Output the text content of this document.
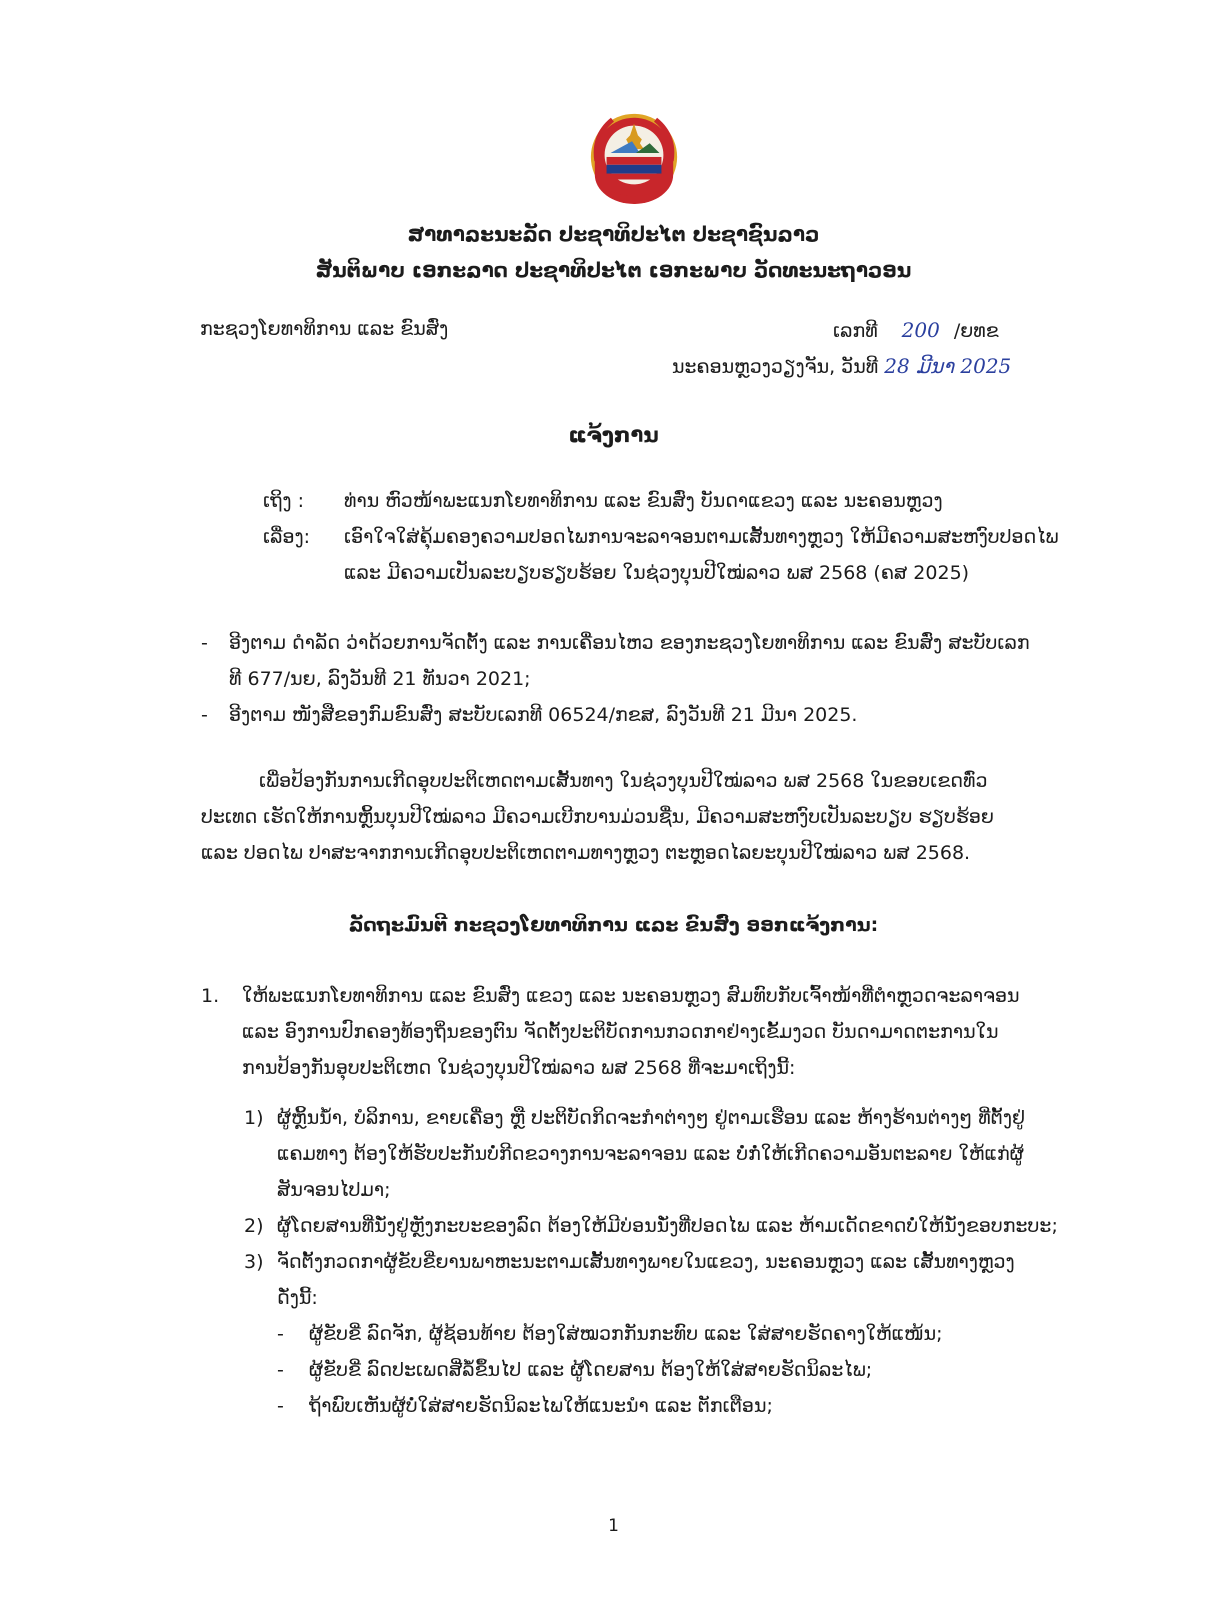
ສາທາລະນະລັດ ປະຊາທິປະໄຕ ປະຊາຊົນລາວ
ສັນຕິພາບ ເອກະລາດ ປະຊາທິປະໄຕ ເອກະພາບ ວັດທະນະຖາວອນ
ກະຊວງໂຍທາທິການ ແລະ ຂົນສົ່ງ	ເລກທີ 200 /ຍທຂ
ນະຄອນຫຼວງວຽງຈັນ, ວັນທີ 28 ມີນາ 2025
ແຈ້ງການ
ເຖິງ : ທ່ານ ຫົວໜ້າພະແນກໂຍທາທິການ ແລະ ຂົນສົ່ງ ບັນດາແຂວງ ແລະ ນະຄອນຫຼວງ
ເລື່ອງ: ເອົາໃຈໃສ່ຄຸ້ມຄອງຄວາມປອດໄພການຈະລາຈອນຕາມເສັ້ນທາງຫຼວງ ໃຫ້ມີຄວາມສະຫງົບປອດໄພ
ແລະ ມີຄວາມເປັນລະບຽບຮຽບຮ້ອຍ ໃນຊ່ວງບຸນປີໃໝ່ລາວ ພສ 2568 (ຄສ 2025)
- ອີງຕາມ ດຳລັດ ວ່າດ້ວຍການຈັດຕັ້ງ ແລະ ການເຄື່ອນໄຫວ ຂອງກະຊວງໂຍທາທິການ ແລະ ຂົນສົ່ງ ສະບັບເລກ
ທີ 677/ນຍ, ລົງວັນທີ 21 ທັນວາ 2021;
- ອີງຕາມ ໜັງສືຂອງກົມຂົນສົ່ງ ສະບັບເລກທີ 06524/ກຂສ, ລົງວັນທີ 21 ມີນາ 2025.
ເພື່ອປ້ອງກັນການເກີດອຸບປະຕິເຫດຕາມເສັ້ນທາງ ໃນຊ່ວງບຸນປີໃໝ່ລາວ ພສ 2568 ໃນຂອບເຂດທົ່ວ
ປະເທດ ເຮັດໃຫ້ການຫຼິ້ນບຸນປີໃໝ່ລາວ ມີຄວາມເບີກບານມ່ວນຊື່ນ, ມີຄວາມສະຫງົບເປັນລະບຽບ ຮຽບຮ້ອຍ
ແລະ ປອດໄພ ປາສະຈາກການເກີດອຸບປະຕິເຫດຕາມທາງຫຼວງ ຕະຫຼອດໄລຍະບຸນປີໃໝ່ລາວ ພສ 2568.
ລັດຖະມົນຕີ ກະຊວງໂຍທາທິການ ແລະ ຂົນສົ່ງ ອອກແຈ້ງການ:
1. ໃຫ້ພະແນກໂຍທາທິການ ແລະ ຂົນສົ່ງ ແຂວງ ແລະ ນະຄອນຫຼວງ ສົມທົບກັບເຈົ້າໜ້າທີ່ຕຳຫຼວດຈະລາຈອນ
ແລະ ອົງການປົກຄອງທ້ອງຖິ່ນຂອງຕົນ ຈັດຕັ້ງປະຕິບັດການກວດກາຢ່າງເຂັ້ມງວດ ບັນດາມາດຕະການໃນ
ການປ້ອງກັນອຸບປະຕິເຫດ ໃນຊ່ວງບຸນປີໃໝ່ລາວ ພສ 2568 ທີ່ຈະມາເຖິງນີ້:
1) ຜູ້ຫຼິ້ນນ້ຳ, ບໍລິການ, ຂາຍເຄື່ອງ ຫຼື ປະຕິບັດກິດຈະກຳຕ່າງໆ ຢູ່ຕາມເຮືອນ ແລະ ຫ້າງຮ້ານຕ່າງໆ ທີ່ຕັ້ງຢູ່
ແຄມທາງ ຕ້ອງໃຫ້ຮັບປະກັນບໍ່ກີດຂວາງການຈະລາຈອນ ແລະ ບໍ່ກໍ່ໃຫ້ເກີດຄວາມອັນຕະລາຍ ໃຫ້ແກ່ຜູ້
ສັນຈອນໄປມາ;
2) ຜູ້ໂດຍສານທີ່ນັ່ງຢູ່ຫຼັງກະບະຂອງລົດ ຕ້ອງໃຫ້ມີບ່ອນນັ່ງທີ່ປອດໄພ ແລະ ຫ້າມເດັດຂາດບໍ່ໃຫ້ນັ່ງຂອບກະບະ;
3) ຈັດຕັ້ງກວດກາຜູ້ຂັບຂີ່ຍານພາຫະນະຕາມເສັ້ນທາງພາຍໃນແຂວງ, ນະຄອນຫຼວງ ແລະ ເສັ້ນທາງຫຼວງ
ດັ່ງນີ້:
- ຜູ້ຂັບຂີ່ ລົດຈັກ, ຜູ້ຊ້ອນທ້າຍ ຕ້ອງໃສ່ໝວກກັນກະທົບ ແລະ ໃສ່ສາຍຮັດຄາງໃຫ້ແໜ້ນ;
- ຜູ້ຂັບຂີ່ ລົດປະເພດສີ່ລໍ້ຂຶ້ນໄປ ແລະ ຜູ້ໂດຍສານ ຕ້ອງໃຫ້ໃສ່ສາຍຮັດນິລະໄພ;
- ຖ້າພົບເຫັນຜູ້ບໍ່ໃສ່ສາຍຮັດນິລະໄພໃຫ້ແນະນຳ ແລະ ຕັກເຕືອນ;
1
